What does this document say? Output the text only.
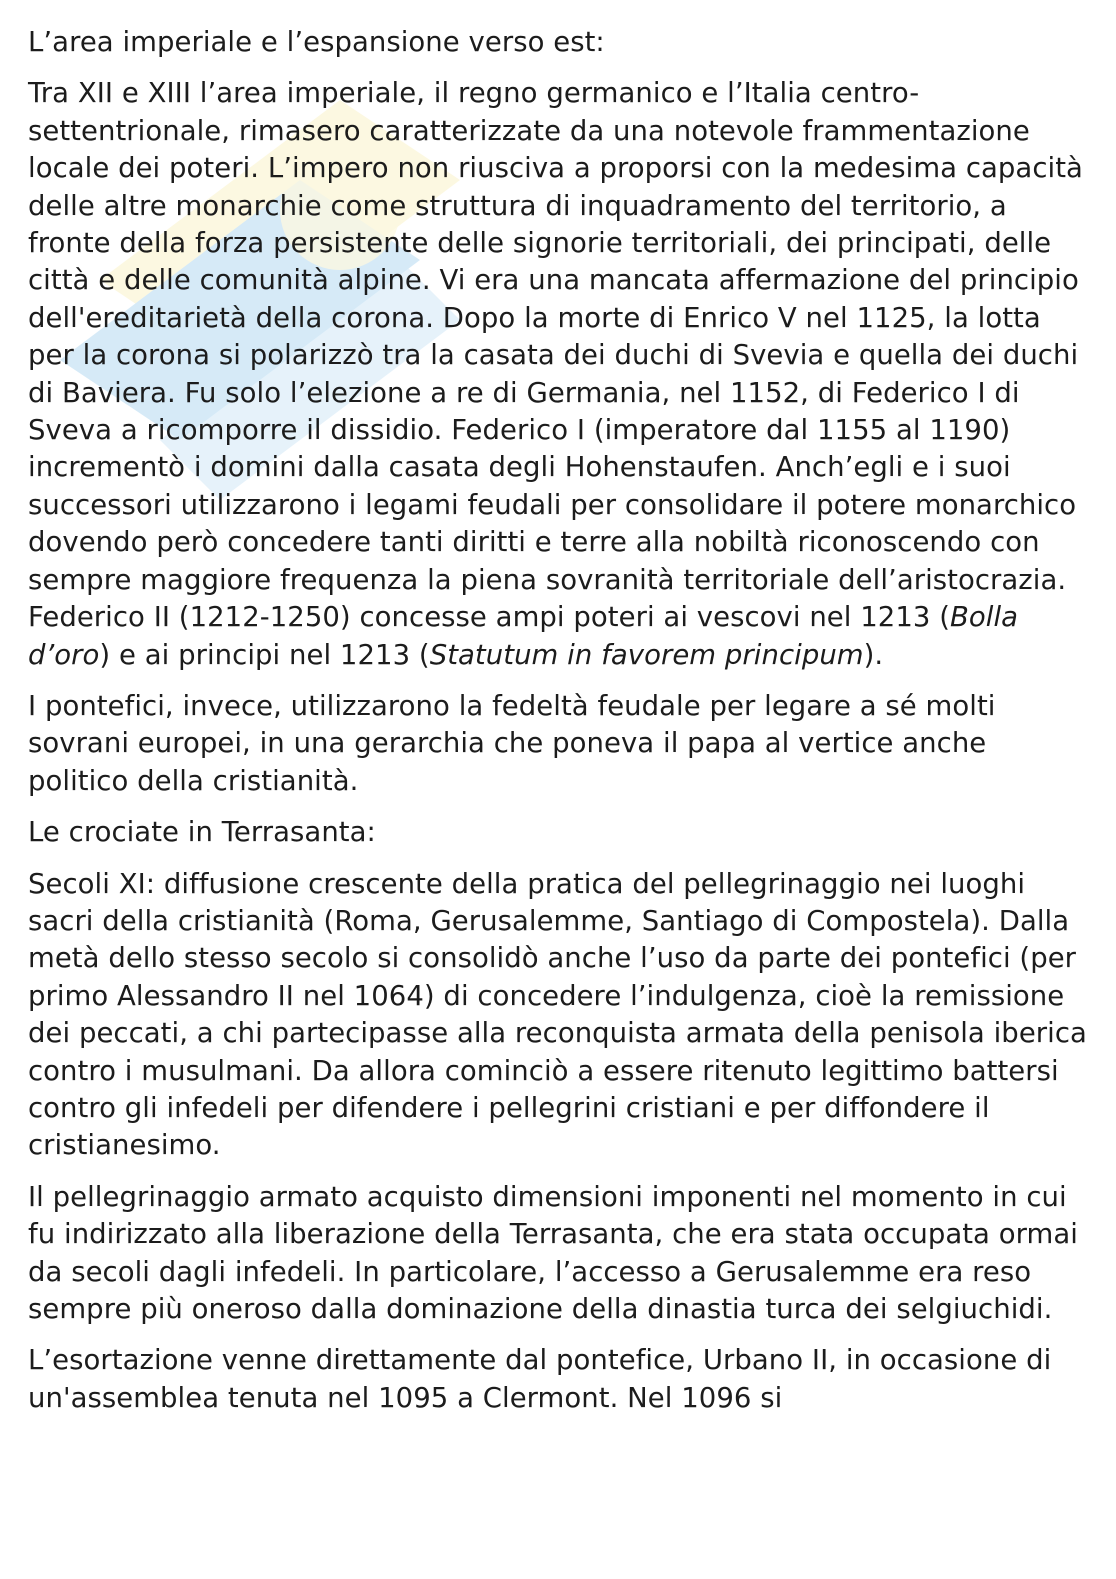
L’area imperiale e l’espansione verso est:

Tra XII e XIII l’area imperiale, il regno germanico e l’Italia centro-settentrionale, rimasero caratterizzate da una notevole frammentazione locale dei poteri. L’impero non riusciva a proporsi con la medesima capacità delle altre monarchie come struttura di inquadramento del territorio, a fronte della forza persistente delle signorie territoriali, dei principati, delle città e delle comunità alpine. Vi era una mancata affermazione del principio dell'ereditarietà della corona. Dopo la morte di Enrico V nel 1125, la lotta per la corona si polarizzò tra la casata dei duchi di Svevia e quella dei duchi di Baviera. Fu solo l’elezione a re di Germania, nel 1152, di Federico I di Sveva a ricomporre il dissidio. Federico I (imperatore dal 1155 al 1190) incrementò i domini dalla casata degli Hohenstaufen. Anch’egli e i suoi successori utilizzarono i legami feudali per consolidare il potere monarchico dovendo però concedere tanti diritti e terre alla nobiltà riconoscendo con sempre maggiore frequenza la piena sovranità territoriale dell’aristocrazia. Federico II (1212-1250) concesse ampi poteri ai vescovi nel 1213 (Bolla d’oro) e ai principi nel 1213 (Statutum in favorem principum).

I pontefici, invece, utilizzarono la fedeltà feudale per legare a sé molti sovrani europei, in una gerarchia che poneva il papa al vertice anche politico della cristianità.

Le crociate in Terrasanta:

Secoli XI: diffusione crescente della pratica del pellegrinaggio nei luoghi sacri della cristianità (Roma, Gerusalemme, Santiago di Compostela). Dalla metà dello stesso secolo si consolidò anche l’uso da parte dei pontefici (per primo Alessandro II nel 1064) di concedere l’indulgenza, cioè la remissione dei peccati, a chi partecipasse alla reconquista armata della penisola iberica contro i musulmani. Da allora cominciò a essere ritenuto legittimo battersi contro gli infedeli per difendere i pellegrini cristiani e per diffondere il cristianesimo.

Il pellegrinaggio armato acquisto dimensioni imponenti nel momento in cui fu indirizzato alla liberazione della Terrasanta, che era stata occupata ormai da secoli dagli infedeli. In particolare, l’accesso a Gerusalemme era reso sempre più oneroso dalla dominazione della dinastia turca dei selgiuchidi.

L’esortazione venne direttamente dal pontefice, Urbano II, in occasione di un'assemblea tenuta nel 1095 a Clermont. Nel 1096 si
